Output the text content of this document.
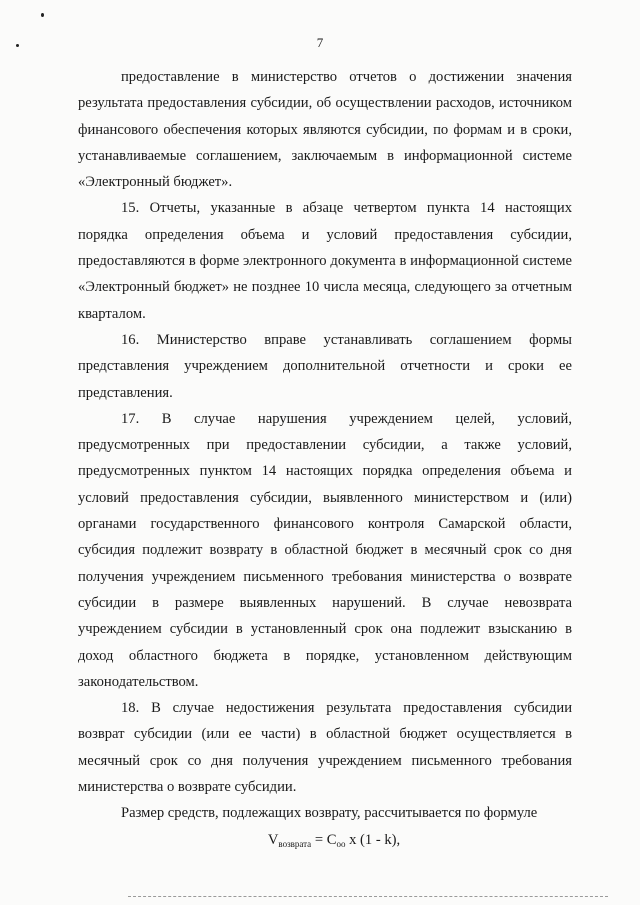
7

предоставление в министерство отчетов о достижении значения результата предоставления субсидии, об осуществлении расходов, источником финансового обеспечения которых являются субсидии, по формам и в сроки, устанавливаемые соглашением, заключаемым в информационной системе «Электронный бюджет».

15. Отчеты, указанные в абзаце четвертом пункта 14 настоящих порядка определения объема и условий предоставления субсидии, предоставляются в форме электронного документа в информационной системе «Электронный бюджет» не позднее 10 числа месяца, следующего за отчетным кварталом.

16. Министерство вправе устанавливать соглашением формы представления учреждением дополнительной отчетности и сроки ее представления.

17. В случае нарушения учреждением целей, условий, предусмотренных при предоставлении субсидии, а также условий, предусмотренных пунктом 14 настоящих порядка определения объема и условий предоставления субсидии, выявленного министерством и (или) органами государственного финансового контроля Самарской области, субсидия подлежит возврату в областной бюджет в месячный срок со дня получения учреждением письменного требования министерства о возврате субсидии в размере выявленных нарушений. В случае невозврата учреждением субсидии в установленный срок она подлежит взысканию в доход областного бюджета в порядке, установленном действующим законодательством.

18. В случае недостижения результата предоставления субсидии возврат субсидии (или ее части) в областной бюджет осуществляется в месячный срок со дня получения учреждением письменного требования министерства о возврате субсидии.

Размер средств, подлежащих возврату, рассчитывается по формуле

$V_{возврата} = C_{оо}$ x (1 - k),
